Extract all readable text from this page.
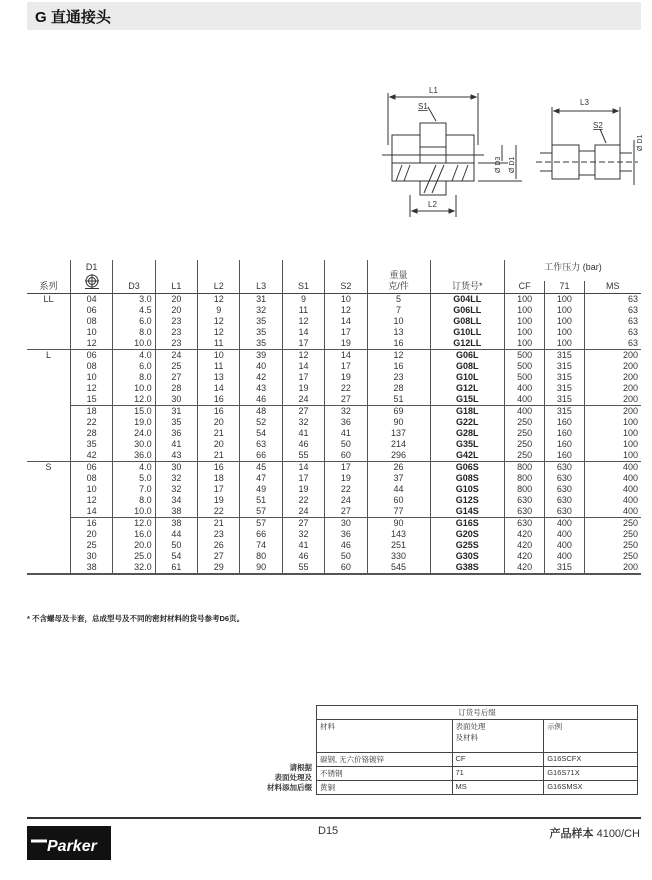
G 直通接头
L1
S1
L2
Ø D3 Ø D1
L3
S2
Ø D1
系列	D1	D3	L1	L2	L3	S1	S2	重量
克/件	订货号*	工作压力 (bar)		
										CF	71	MS
LL	04	3.0	20	12	31	9	10	5	G04LL	100	100	63
	06	4.5	20	9	32	11	12	7	G06LL	100	100	63
	08	6.0	23	12	35	12	14	10	G08LL	100	100	63
	10	8.0	23	12	35	14	17	13	G10LL	100	100	63
	12	10.0	23	11	35	17	19	16	G12LL	100	100	63
L	06	4.0	24	10	39	12	14	12	G06L	500	315	200
	08	6.0	25	11	40	14	17	16	G08L	500	315	200
	10	8.0	27	13	42	17	19	23	G10L	500	315	200
	12	10.0	28	14	43	19	22	28	G12L	400	315	200
	15	12.0	30	16	46	24	27	51	G15L	400	315	200
	18	15.0	31	16	48	27	32	69	G18L	400	315	200
	22	19.0	35	20	52	32	36	90	G22L	250	160	100
	28	24.0	36	21	54	41	41	137	G28L	250	160	100
	35	30.0	41	20	63	46	50	214	G35L	250	160	100
	42	36.0	43	21	66	55	60	296	G42L	250	160	100
S	06	4.0	30	16	45	14	17	26	G06S	800	630	400
	08	5.0	32	18	47	17	19	37	G08S	800	630	400
	10	7.0	32	17	49	19	22	44	G10S	800	630	400
	12	8.0	34	19	51	22	24	60	G12S	630	630	400
	14	10.0	38	22	57	24	27	77	G14S	630	630	400
	16	12.0	38	21	57	27	30	90	G16S	630	400	250
	20	16.0	44	23	66	32	36	143	G20S	420	400	250
	25	20.0	50	26	74	41	46	251	G25S	420	400	250
	30	25.0	54	27	80	46	50	330	G30S	420	400	250
	38	32.0	61	29	90	55	60	545	G38S	420	315	200
* 不含螺母及卡套，总成型号及不同的密封材料的货号参考D6页。
请根据
表面处理及
材料添加后缀
订货号后缀		
材料	表面处理
及材料	示例
碳钢, 无六价铬镀锌	CF	G16SCFX
不锈钢	71	G16S71X
黄铜	MS	G16SMSX
Parker
D15	产品样本 4100/CH
